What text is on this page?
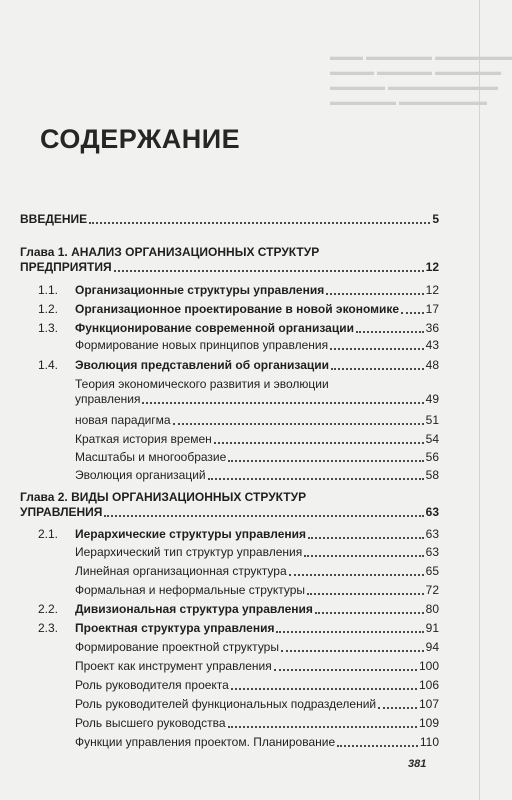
▬▬▬ ▬▬▬▬▬▬ ▬▬▬▬▬▬▬
▬▬▬▬ ▬▬▬▬▬ ▬▬▬▬▬▬
▬▬▬▬▬ ▬▬▬▬▬▬▬▬▬▬
▬▬▬▬▬▬ ▬▬▬▬▬▬▬▬
СОДЕРЖАНИЕ
ВВЕДЕНИЕ	5
Глава 1. АНАЛИЗ ОРГАНИЗАЦИОННЫХ СТРУКТУР
ПРЕДПРИЯТИЯ	12
1.1. Организационные структуры управления	12
1.2. Организационное проектирование в новой экономике 17
1.3. Функционирование современной организации	36
Формирование новых принципов управления	43
1.4. Эволюция представлений об организации	48
Теория экономического развития и эволюции
управления	49
новая парадигма	51
Краткая история времен	54
Масштабы и многообразие	56
Эволюция организаций	58
Глава 2. ВИДЫ ОРГАНИЗАЦИОННЫХ СТРУКТУР
УПРАВЛЕНИЯ	63
2.1. Иерархические структуры управления	63
Иерархический тип структур управления	63
Линейная организационная структура	65
Формальная и неформальные структуры	72
2.2. Дивизиональная структура управления	80
2.3. Проектная структура управления	91
Формирование проектной структуры	94
Проект как инструмент управления	100
Роль руководителя проекта	106
Роль руководителей функциональных подразделений	107
Роль высшего руководства	109
Функции управления проектом. Планирование	110
381
